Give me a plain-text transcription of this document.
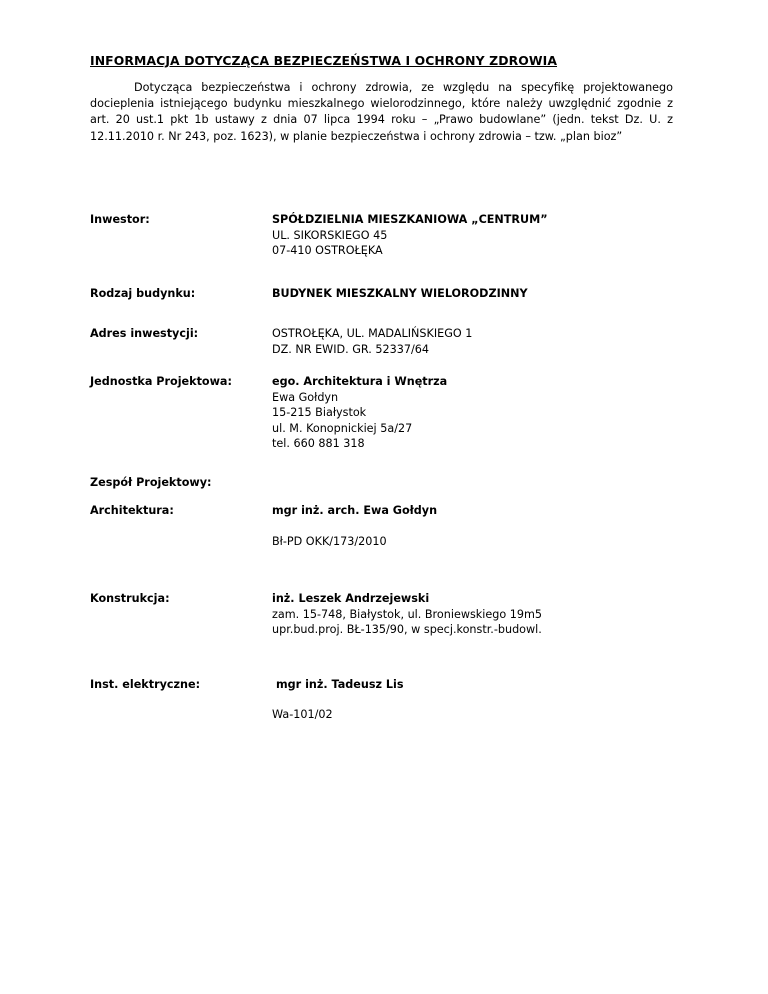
INFORMACJA DOTYCZĄCA BEZPIECZEŃSTWA I OCHRONY ZDROWIA
Dotycząca bezpieczeństwa i ochrony zdrowia, ze względu na specyfikę projektowanego docieplenia istniejącego budynku mieszkalnego wielorodzinnego, które należy uwzględnić zgodnie z art. 20 ust.1 pkt 1b ustawy z dnia 07 lipca 1994 roku – „Prawo budowlane” (jedn. tekst Dz. U. z 12.11.2010 r. Nr 243, poz. 1623), w planie bezpieczeństwa i ochrony zdrowia – tzw. „plan bioz”
Inwestor:	SPÓŁDZIELNIA MIESZKANIOWA „CENTRUM”
UL. SIKORSKIEGO 45
07-410 OSTROŁĘKA
Rodzaj budynku:	BUDYNEK MIESZKALNY WIELORODZINNY
Adres inwestycji:	OSTROŁĘKA, UL. MADALIŃSKIEGO 1
DZ. NR EWID. GR. 52337/64
Jednostka Projektowa:	ego. Architektura i Wnętrza
Ewa Gołdyn
15-215 Białystok
ul. M. Konopnickiej 5a/27
tel. 660 881 318
Zespół Projektowy:
Architektura:	mgr inż. arch. Ewa Gołdyn
Bł-PD OKK/173/2010
Konstrukcja:	inż. Leszek Andrzejewski
zam. 15-748, Białystok, ul. Broniewskiego 19m5
upr.bud.proj. BŁ-135/90, w specj.konstr.-budowl.
Inst. elektryczne:	mgr inż. Tadeusz Lis
Wa-101/02
